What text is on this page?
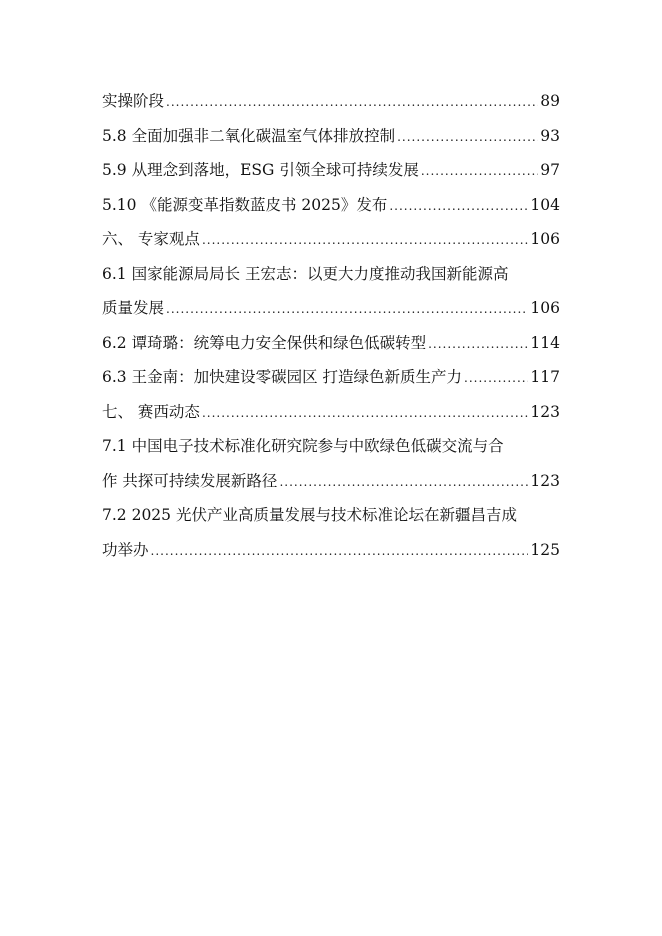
实操阶段 .....	89
5.8 全面加强非二氧化碳温室气体排放控制 .....	93
5.9 从理念到落地，ESG 引领全球可持续发展 .....	97
5.10 《能源变革指数蓝皮书 2025》发布 .....	104
六、 专家观点 .....	106
6.1 国家能源局局长 王宏志：以更大力度推动我国新能源高
质量发展 .....	106
6.2 谭琦璐：统筹电力安全保供和绿色低碳转型 .....	114
6.3 王金南：加快建设零碳园区 打造绿色新质生产力 .....	117
七、 赛西动态 .....	123
7.1 中国电子技术标准化研究院参与中欧绿色低碳交流与合
作 共探可持续发展新路径 .....	123
7.2 2025 光伏产业高质量发展与技术标准论坛在新疆昌吉成
功举办 .....	125
